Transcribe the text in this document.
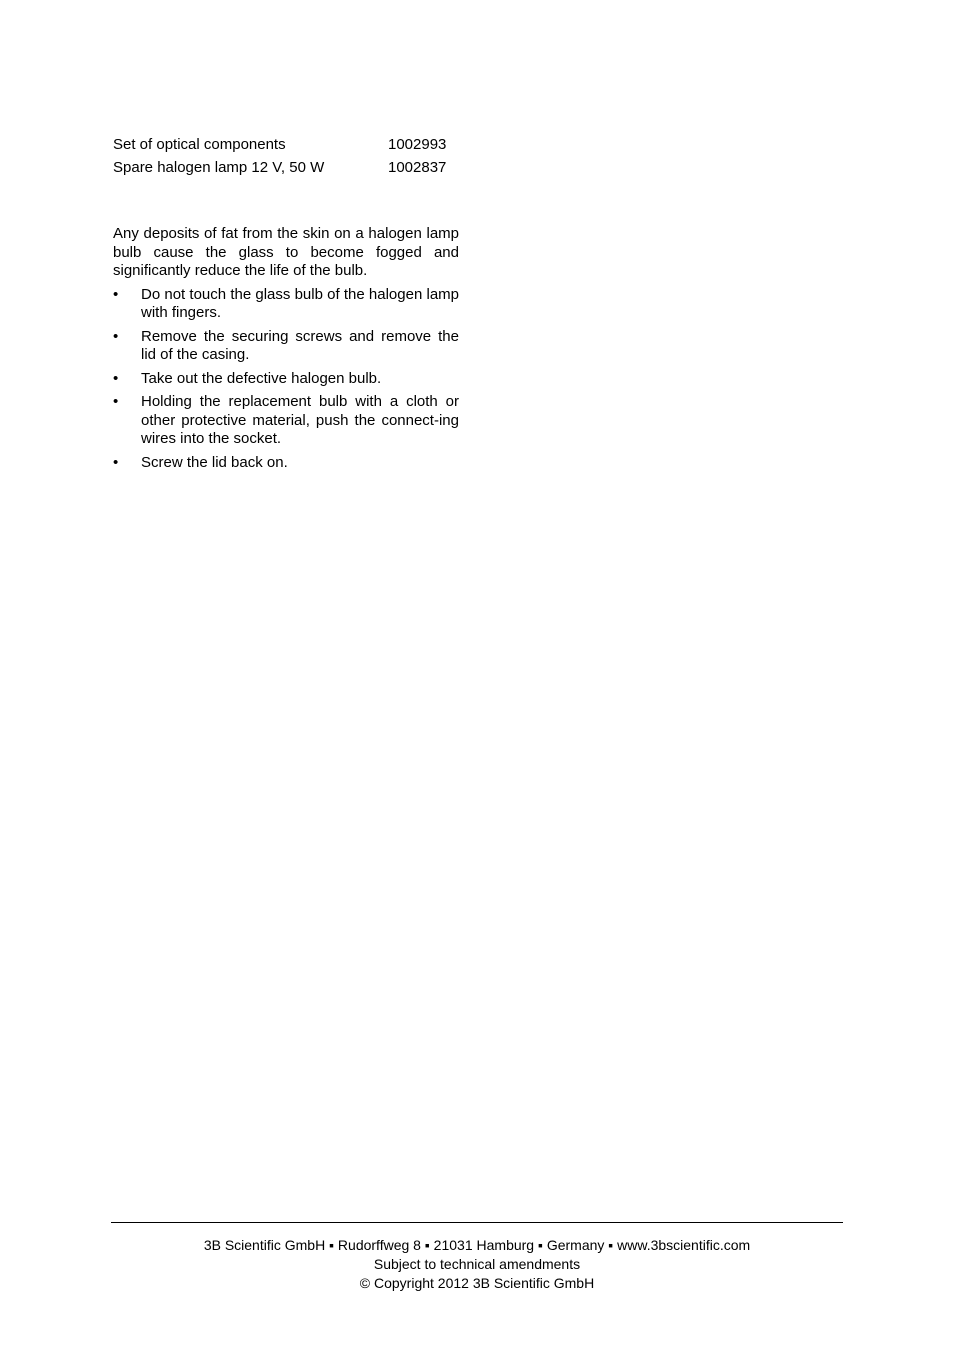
Set of optical components	1002993
Spare halogen lamp 12 V, 50 W	1002837

Any deposits of fat from the skin on a halogen lamp bulb cause the glass to become fogged and significantly reduce the life of the bulb.

• Do not touch the glass bulb of the halogen lamp with fingers.
• Remove the securing screws and remove the lid of the casing.
• Take out the defective halogen bulb.
• Holding the replacement bulb with a cloth or other protective material, push the connect-ing wires into the socket.
• Screw the lid back on.
3B Scientific GmbH ▪ Rudorffweg 8 ▪ 21031 Hamburg ▪ Germany ▪ www.3bscientific.com
Subject to technical amendments
© Copyright 2012 3B Scientific GmbH
